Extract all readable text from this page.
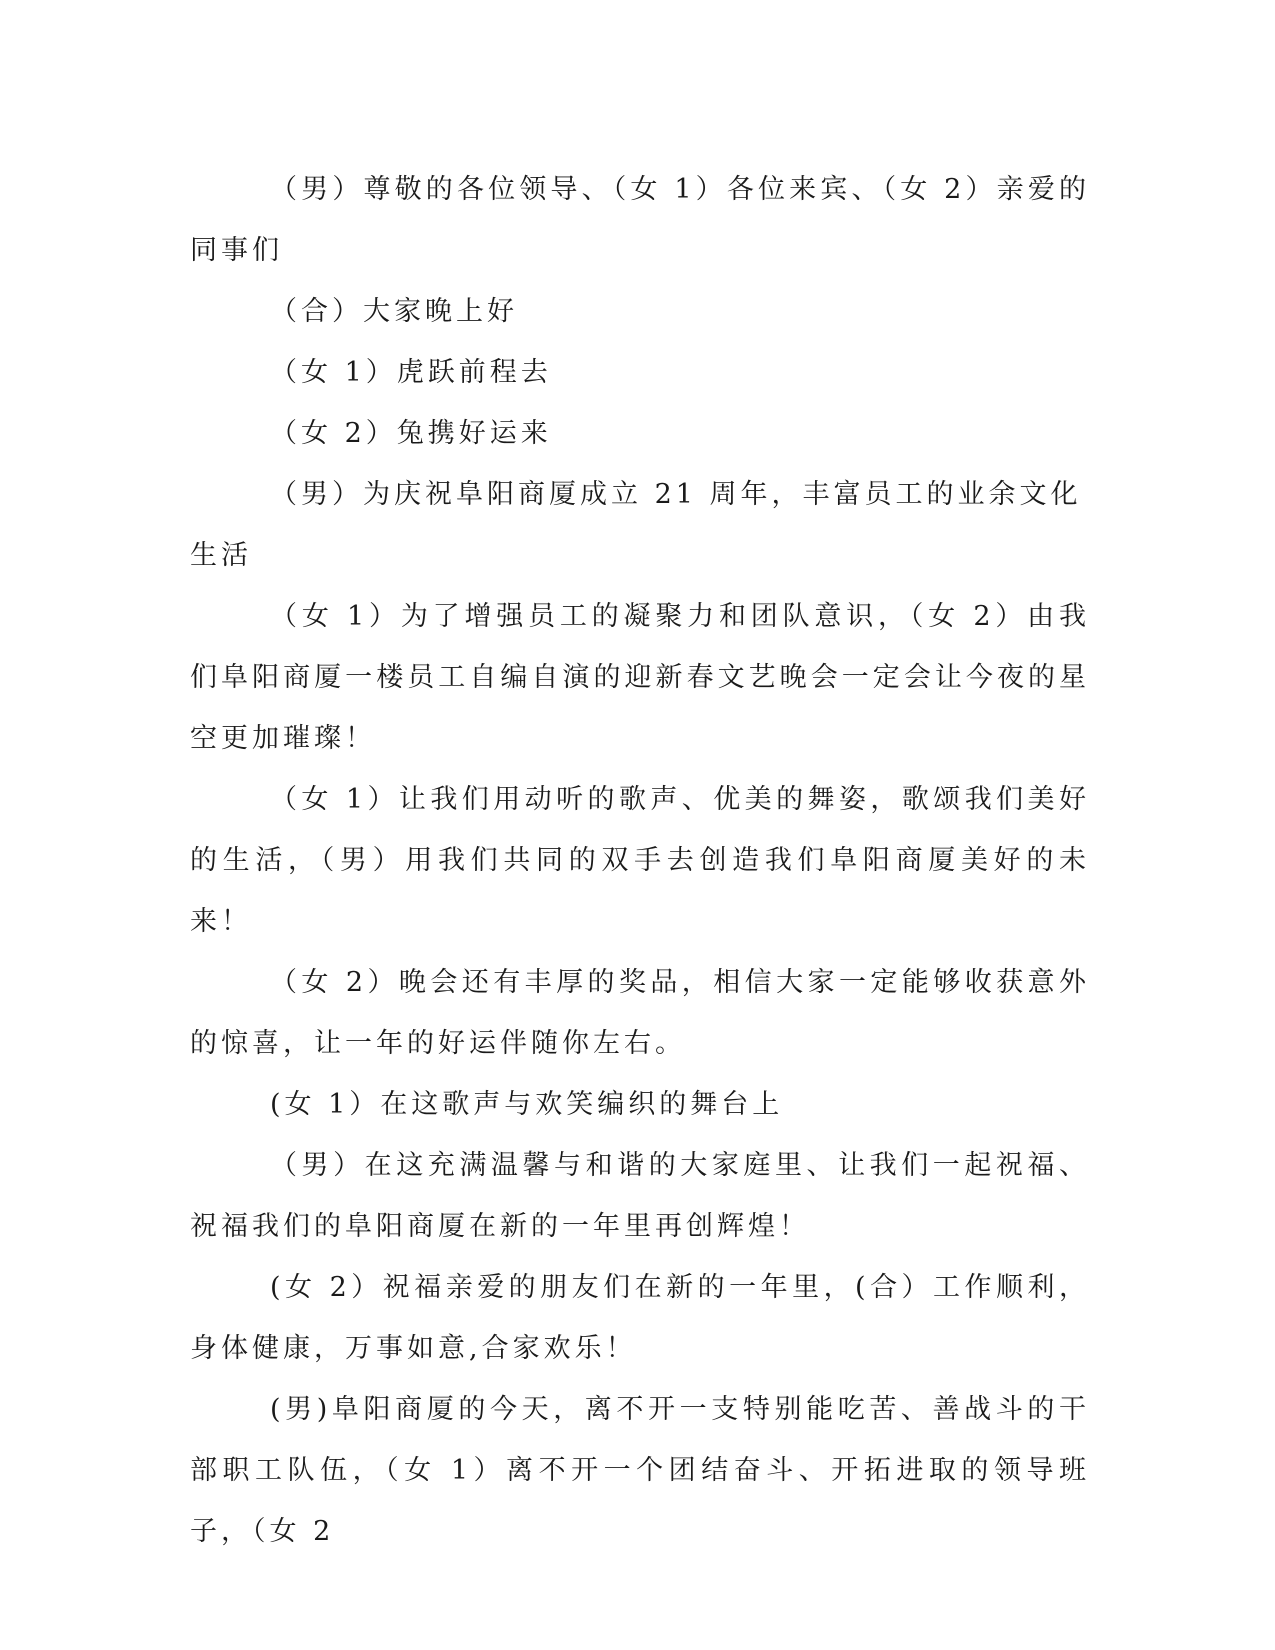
（男）尊敬的各位领导、（女 1）各位来宾、（女 2）亲爱的同事们

（合）大家晚上好

（女 1）虎跃前程去

（女 2）兔携好运来

（男）为庆祝阜阳商厦成立 21 周年，丰富员工的业余文化生活

（女 1）为了增强员工的凝聚力和团队意识，（女 2）由我们阜阳商厦一楼员工自编自演的迎新春文艺晚会一定会让今夜的星空更加璀璨！

（女 1）让我们用动听的歌声、优美的舞姿，歌颂我们美好的生活，（男）用我们共同的双手去创造我们阜阳商厦美好的未来！

（女 2）晚会还有丰厚的奖品，相信大家一定能够收获意外的惊喜，让一年的好运伴随你左右。

(女 1）在这歌声与欢笑编织的舞台上

（男）在这充满温馨与和谐的大家庭里、让我们一起祝福、祝福我们的阜阳商厦在新的一年里再创辉煌！

(女 2）祝福亲爱的朋友们在新的一年里，(合）工作顺利，身体健康，万事如意,合家欢乐！

(男)阜阳商厦的今天，离不开一支特别能吃苦、善战斗的干部职工队伍，（女 1）离不开一个团结奋斗、开拓进取的领导班子，（女 2
